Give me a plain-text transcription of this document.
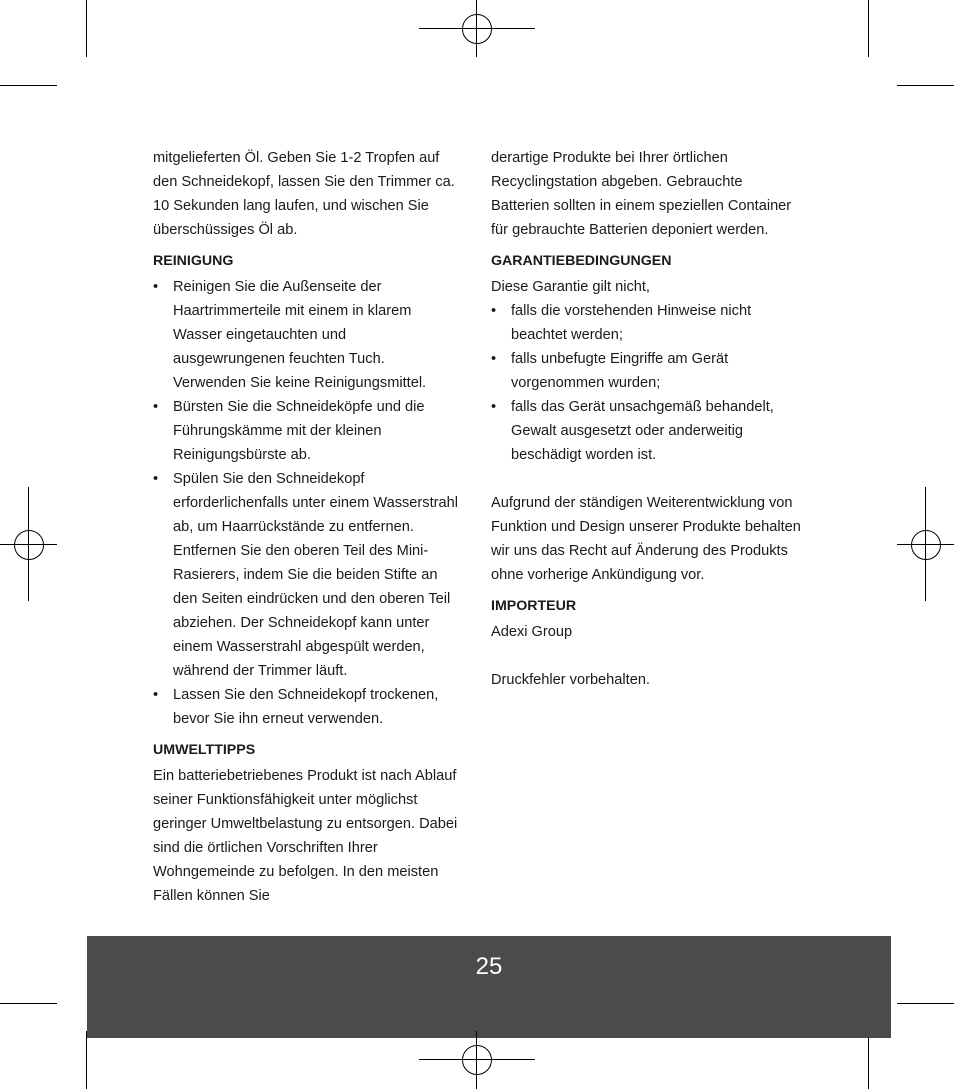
mitgelieferten Öl. Geben Sie 1-2 Tropfen auf den Schneidekopf, lassen Sie den Trimmer ca. 10 Sekunden lang laufen, und wischen Sie überschüssiges Öl ab.

REINIGUNG

• Reinigen Sie die Außenseite der Haartrimmerteile mit einem in klarem Wasser eingetauchten und ausgewrungenen feuchten Tuch. Verwenden Sie keine Reinigungsmittel.
• Bürsten Sie die Schneideköpfe und die Führungskämme mit der kleinen Reinigungsbürste ab.
• Spülen Sie den Schneidekopf erforderlichenfalls unter einem Wasserstrahl ab, um Haarrückstände zu entfernen. Entfernen Sie den oberen Teil des Mini-Rasierers, indem Sie die beiden Stifte an den Seiten eindrücken und den oberen Teil abziehen. Der Schneidekopf kann unter einem Wasserstrahl abgespült werden, während der Trimmer läuft.
• Lassen Sie den Schneidekopf trockenen, bevor Sie ihn erneut verwenden.

UMWELTTIPPS

Ein batteriebetriebenes Produkt ist nach Ablauf seiner Funktionsfähigkeit unter möglichst geringer Umweltbelastung zu entsorgen. Dabei sind die örtlichen Vorschriften Ihrer Wohngemeinde zu befolgen. In den meisten Fällen können Sie

derartige Produkte bei Ihrer örtlichen Recyclingstation abgeben. Gebrauchte Batterien sollten in einem speziellen Container für gebrauchte Batterien deponiert werden.

GARANTIEBEDINGUNGEN

Diese Garantie gilt nicht,

• falls die vorstehenden Hinweise nicht beachtet werden;
• falls unbefugte Eingriffe am Gerät vorgenommen wurden;
• falls das Gerät unsachgemäß behandelt, Gewalt ausgesetzt oder anderweitig beschädigt worden ist.

Aufgrund der ständigen Weiterentwicklung von Funktion und Design unserer Produkte behalten wir uns das Recht auf Änderung des Produkts ohne vorherige Ankündigung vor.

IMPORTEUR

Adexi Group

Druckfehler vorbehalten.

25
